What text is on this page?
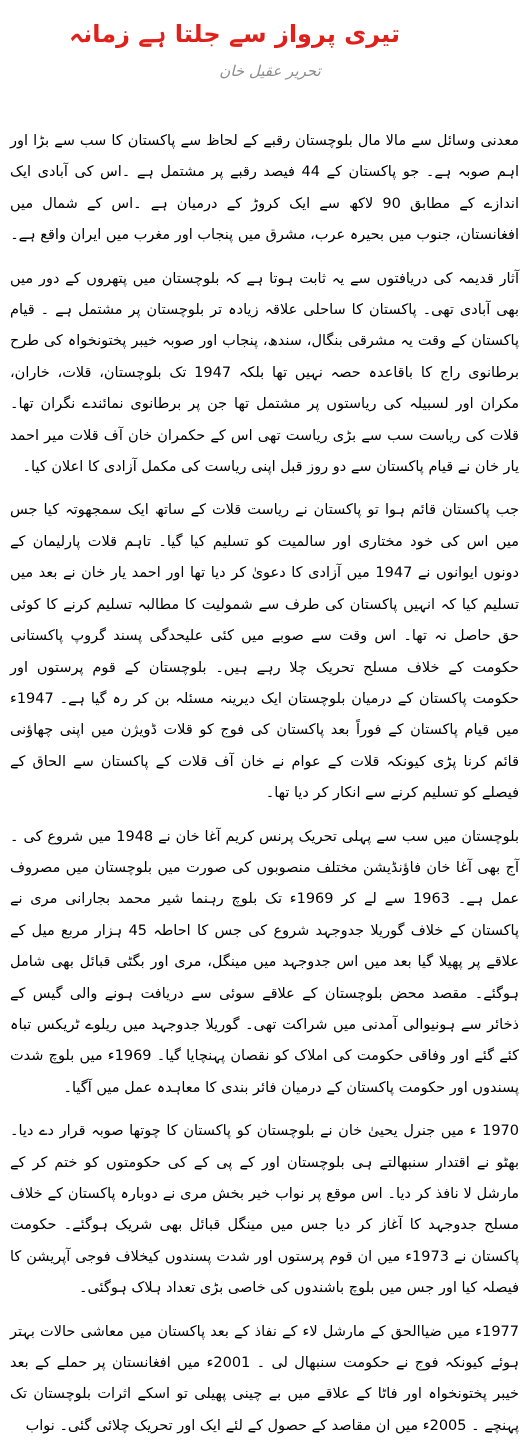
تیری پرواز سے جلتا ہے زمانہ
تحریر عقیل خان

معدنی وسائل سے مالا مال بلوچستان رقبے کے لحاظ سے پاکستان کا سب سے بڑا اور اہم صوبہ ہے۔ جو پاکستان کے 44 فیصد رقبے پر مشتمل ہے ۔اس کی آبادی ایک اندازے کے مطابق 90 لاکھ سے ایک کروڑ کے درمیان ہے ۔اس کے شمال میں افغانستان، جنوب میں بحیرہ عرب، مشرق میں پنجاب اور مغرب میں ایران واقع ہے۔

آثار قدیمہ کی دریافتوں سے یہ ثابت ہوتا ہے کہ بلوچستان میں پتھروں کے دور میں بھی آبادی تھی۔ پاکستان کا ساحلی علاقہ زیادہ تر بلوچستان پر مشتمل ہے ۔ قیام پاکستان کے وقت یہ مشرقی بنگال، سندھ، پنجاب اور صوبہ خیبر پختونخواہ کی طرح برطانوی راج کا باقاعدہ حصہ نہیں تھا بلکہ 1947 تک بلوچستان، قلات، خاران، مکران اور لسبیلہ کی ریاستوں پر مشتمل تھا جن پر برطانوی نمائندے نگران تھا۔ قلات کی ریاست سب سے بڑی ریاست تھی اس کے حکمران خان آف قلات میر احمد یار خان نے قیام پاکستان سے دو روز قبل اپنی ریاست کی مکمل آزادی کا اعلان کیا۔

جب پاکستان قائم ہوا تو پاکستان نے ریاست قلات کے ساتھ ایک سمجھوتہ کیا جس میں اس کی خود مختاری اور سالمیت کو تسلیم کیا گیا۔ تاہم قلات پارلیمان کے دونوں ایوانوں نے 1947 میں آزادی کا دعویٰ کر دیا تھا اور احمد یار خان نے بعد میں تسلیم کیا کہ انہیں پاکستان کی طرف سے شمولیت کا مطالبہ تسلیم کرنے کا کوئی حق حاصل نہ تھا۔ اس وقت سے صوبے میں کئی علیحدگی پسند گروپ پاکستانی حکومت کے خلاف مسلح تحریک چلا رہے ہیں۔ بلوچستان کے قوم پرستوں اور حکومت پاکستان کے درمیان بلوچستان ایک دیرینہ مسئلہ بن کر رہ گیا ہے۔ 1947ء میں قیام پاکستان کے فوراً بعد پاکستان کی فوج کو قلات ڈویژن میں اپنی چھاؤنی قائم کرنا پڑی کیونکہ قلات کے عوام نے خان آف قلات کے پاکستان سے الحاق کے فیصلے کو تسلیم کرنے سے انکار کر دیا تھا۔

بلوچستان میں سب سے پہلی تحریک پرنس کریم آغا خان نے 1948 میں شروع کی ۔آج بھی آغا خان فاؤنڈیشن مختلف منصوبوں کی صورت میں بلوچستان میں مصروف عمل ہے۔ 1963 سے لے کر 1969ء تک بلوچ رہنما شیر محمد بجارانی مری نے پاکستان کے خلاف گوریلا جدوجہد شروع کی جس کا احاطہ 45 ہزار مربع میل کے علاقے پر پھیلا گیا بعد میں اس جدوجہد میں مینگل، مری اور بگٹی قبائل بھی شامل ہوگئے۔ مقصد محض بلوچستان کے علاقے سوئی سے دریافت ہونے والی گیس کے ذخائر سے ہونیوالی آمدنی میں شراکت تھی۔ گوریلا جدوجہد میں ریلوے ٹریکس تباہ کئے گئے اور وفاقی حکومت کی املاک کو نقصان پہنچایا گیا۔ 1969ء میں بلوچ شدت پسندوں اور حکومت پاکستان کے درمیان فائر بندی کا معاہدہ عمل میں آگیا۔

1970 ء میں جنرل یحییٰ خان نے بلوچستان کو پاکستان کا چوتھا صوبہ قرار دے دیا۔ بھٹو نے اقتدار سنبھالتے ہی بلوچستان اور کے پی کے کی حکومتوں کو ختم کر کے مارشل لا نافذ کر دیا۔ اس موقع پر نواب خیر بخش مری نے دوبارہ پاکستان کے خلاف مسلح جدوجہد کا آغاز کر دیا جس میں مینگل قبائل بھی شریک ہوگئے۔ حکومت پاکستان نے 1973ء میں ان قوم پرستوں اور شدت پسندوں کیخلاف فوجی آپریشن کا فیصلہ کیا اور جس میں بلوچ باشندوں کی خاصی بڑی تعداد ہلاک ہوگئی۔

1977ء میں ضیاالحق کے مارشل لاء کے نفاذ کے بعد پاکستان میں معاشی حالات بہتر ہوئے کیونکہ فوج نے حکومت سنبھال لی ۔ 2001ء میں افغانستان پر حملے کے بعد خیبر پختونخواہ اور فاٹا کے علاقے میں بے چینی پھیلی تو اسکے اثرات بلوچستان تک پہنچے ۔ 2005ء میں ان مقاصد کے حصول کے لئے ایک اور تحریک چلائی گئی۔ نواب
